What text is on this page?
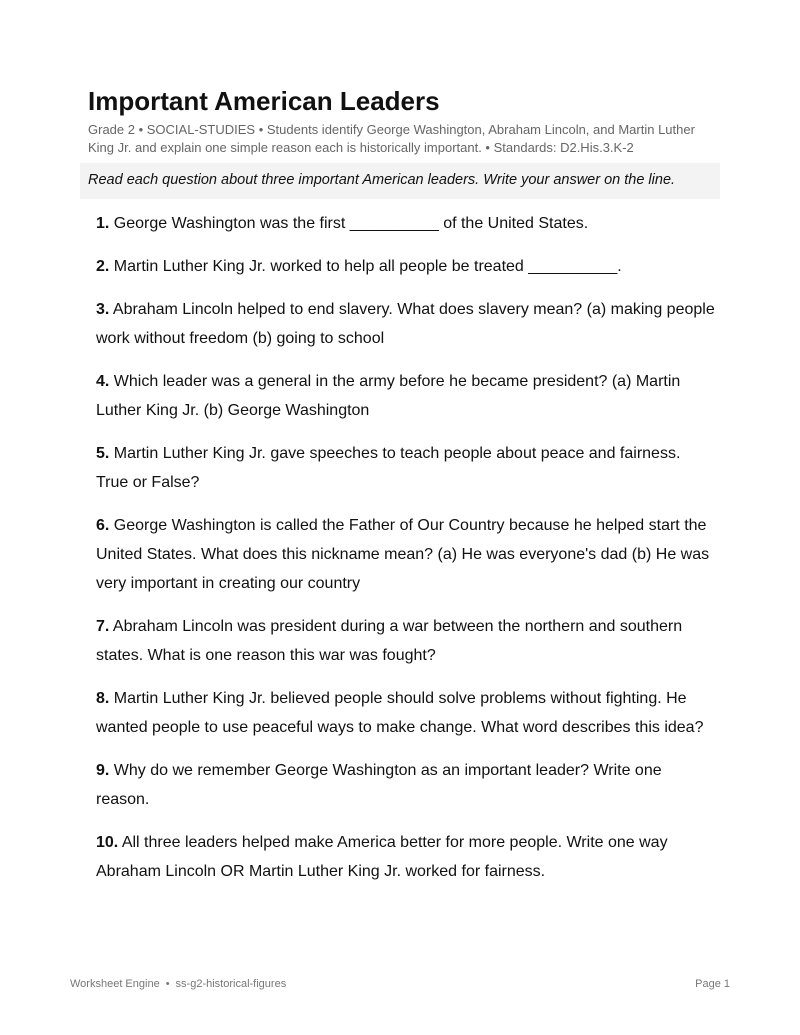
Important American Leaders
Grade 2 • SOCIAL-STUDIES • Students identify George Washington, Abraham Lincoln, and Martin Luther King Jr. and explain one simple reason each is historically important. • Standards: D2.His.3.K-2
Read each question about three important American leaders. Write your answer on the line.
1. George Washington was the first __________ of the United States.
2. Martin Luther King Jr. worked to help all people be treated __________.
3. Abraham Lincoln helped to end slavery. What does slavery mean? (a) making people work without freedom (b) going to school
4. Which leader was a general in the army before he became president? (a) Martin Luther King Jr. (b) George Washington
5. Martin Luther King Jr. gave speeches to teach people about peace and fairness. True or False?
6. George Washington is called the Father of Our Country because he helped start the United States. What does this nickname mean? (a) He was everyone's dad (b) He was very important in creating our country
7. Abraham Lincoln was president during a war between the northern and southern states. What is one reason this war was fought?
8. Martin Luther King Jr. believed people should solve problems without fighting. He wanted people to use peaceful ways to make change. What word describes this idea?
9. Why do we remember George Washington as an important leader? Write one reason.
10. All three leaders helped make America better for more people. Write one way Abraham Lincoln OR Martin Luther King Jr. worked for fairness.
Worksheet Engine • ss-g2-historical-figures	Page 1
